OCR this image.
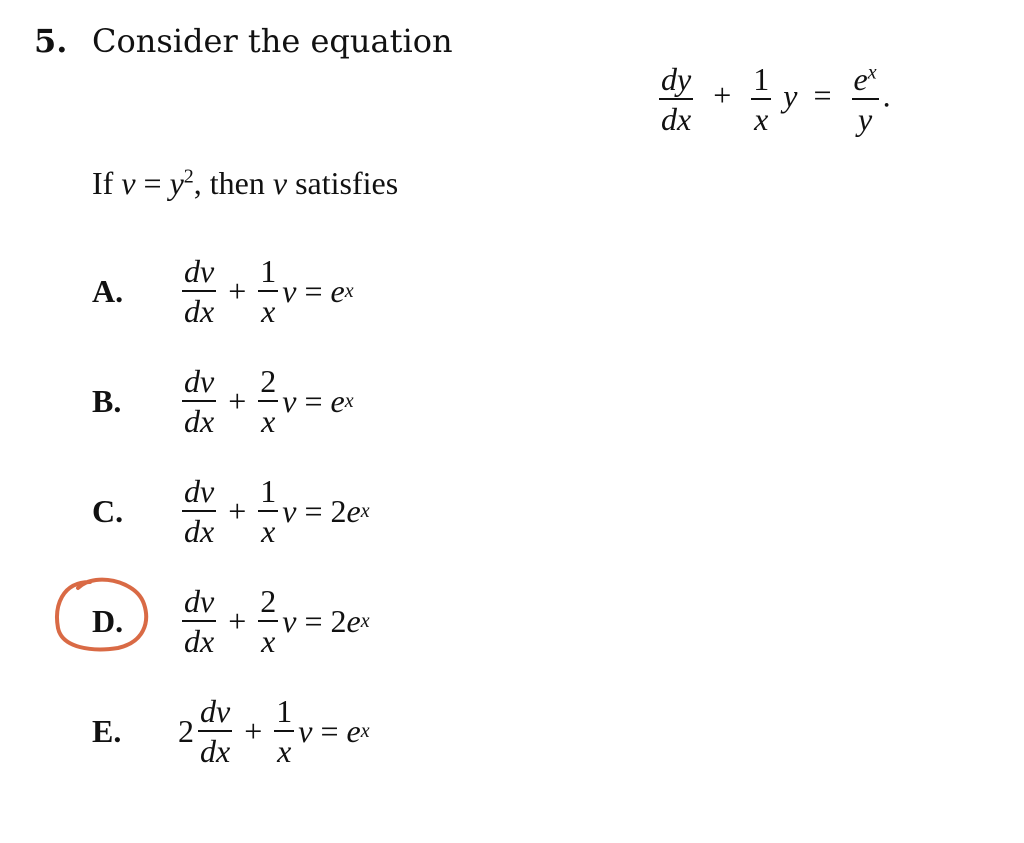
5. Consider the equation
$\frac{dy}{dx} + \frac{1}{x}$ $y = \frac{e^x}{y}$ .
If $v = y^2$, then v satisfies
A.	$\frac{dv}{dx} + \frac{1}{x}$ v = e x
B.	$\frac{dv}{dx} + \frac{2}{x}$ v = e x
C.	$\frac{dv}{dx} + \frac{1}{x}$ v = 2 e x
D.	$\frac{dv}{dx} + \frac{2}{x}$ v = 2 e x
E.	$2 \frac{dv}{dx} + \frac{1}{x}$ v = e x
